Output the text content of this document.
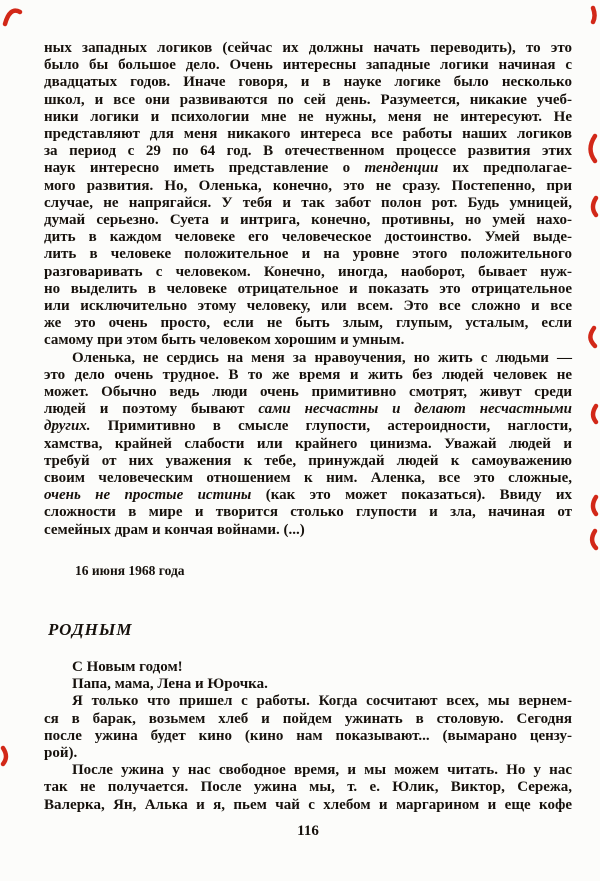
ных западных логиков (сейчас их должны начать переводить), то это
было бы большое дело. Очень интересны западные логики начиная с
двадцатых годов. Иначе говоря, и в науке логике было несколько
школ, и все они развиваются по сей день. Разумеется, никакие учеб-
ники логики и психологии мне не нужны, меня не интересуют. Не
представляют для меня никакого интереса все работы наших логиков
за период с 29 по 64 год. В отечественном процессе развития этих
наук интересно иметь представление о тенденции их предполагае-
мого развития. Но, Оленька, конечно, это не сразу. Постепенно, при
случае, не напрягайся. У тебя и так забот полон рот. Будь умницей,
думай серьезно. Суета и интрига, конечно, противны, но умей нахо-
дить в каждом человеке его человеческое достоинство. Умей выде-
лить в человеке положительное и на уровне этого положительного
разговаривать с человеком. Конечно, иногда, наоборот, бывает нуж-
но выделить в человеке отрицательное и показать это отрицательное
или исключительно этому человеку, или всем. Это все сложно и все
же это очень просто, если не быть злым, глупым, усталым, если
самому при этом быть человеком хорошим и умным.
Оленька, не сердись на меня за нравоучения, но жить с людьми —
это дело очень трудное. В то же время и жить без людей человек не
может. Обычно ведь люди очень примитивно смотрят, живут среди
людей и поэтому бывают сами несчастны и делают несчастными
других. Примитивно в смысле глупости, астероидности, наглости,
хамства, крайней слабости или крайнего цинизма. Уважай людей и
требуй от них уважения к тебе, принуждай людей к самоуважению
своим человеческим отношением к ним. Аленка, все это сложные,
очень не простые истины (как это может показаться). Ввиду их
сложности в мире и творится столько глупости и зла, начиная от
семейных драм и кончая войнами. (...)
16 июня 1968 года
РОДНЫМ
С Новым годом!
Папа, мама, Лена и Юрочка.
Я только что пришел с работы. Когда сосчитают всех, мы вернем-
ся в барак, возьмем хлеб и пойдем ужинать в столовую. Сегодня
после ужина будет кино (кино нам показывают... (вымарано цензу-
рой).
После ужина у нас свободное время, и мы можем читать. Но у нас
так не получается. После ужина мы, т. е. Юлик, Виктор, Сережа,
Валерка, Ян, Алька и я, пьем чай с хлебом и маргарином и еще кофе
116
